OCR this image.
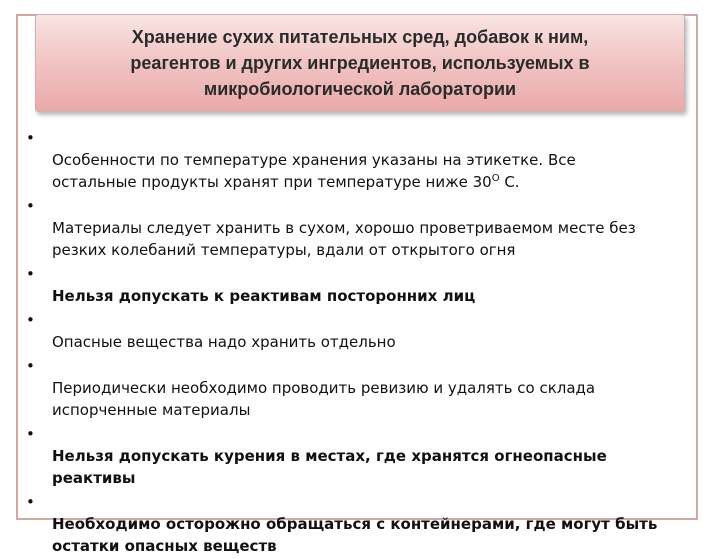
Хранение сухих питательных сред, добавок к ним,
реагентов и других ингредиентов, используемых в
микробиологической лаборатории

•
Особенности по температуре хранения указаны на этикетке. Все
остальные продукты хранят при температуре ниже $30^О$ С.

•
Материалы следует хранить в сухом, хорошо проветриваемом месте без
резких колебаний температуры, вдали от открытого огня

•
Нельзя допускать к реактивам посторонних лиц

•
Опасные вещества надо хранить отдельно

•
Периодически необходимо проводить ревизию и удалять со склада
испорченные материалы

•
Нельзя допускать курения в местах, где хранятся огнеопасные реактивы

•
Необходимо осторожно обращаться с контейнерами, где могут быть
остатки опасных веществ
